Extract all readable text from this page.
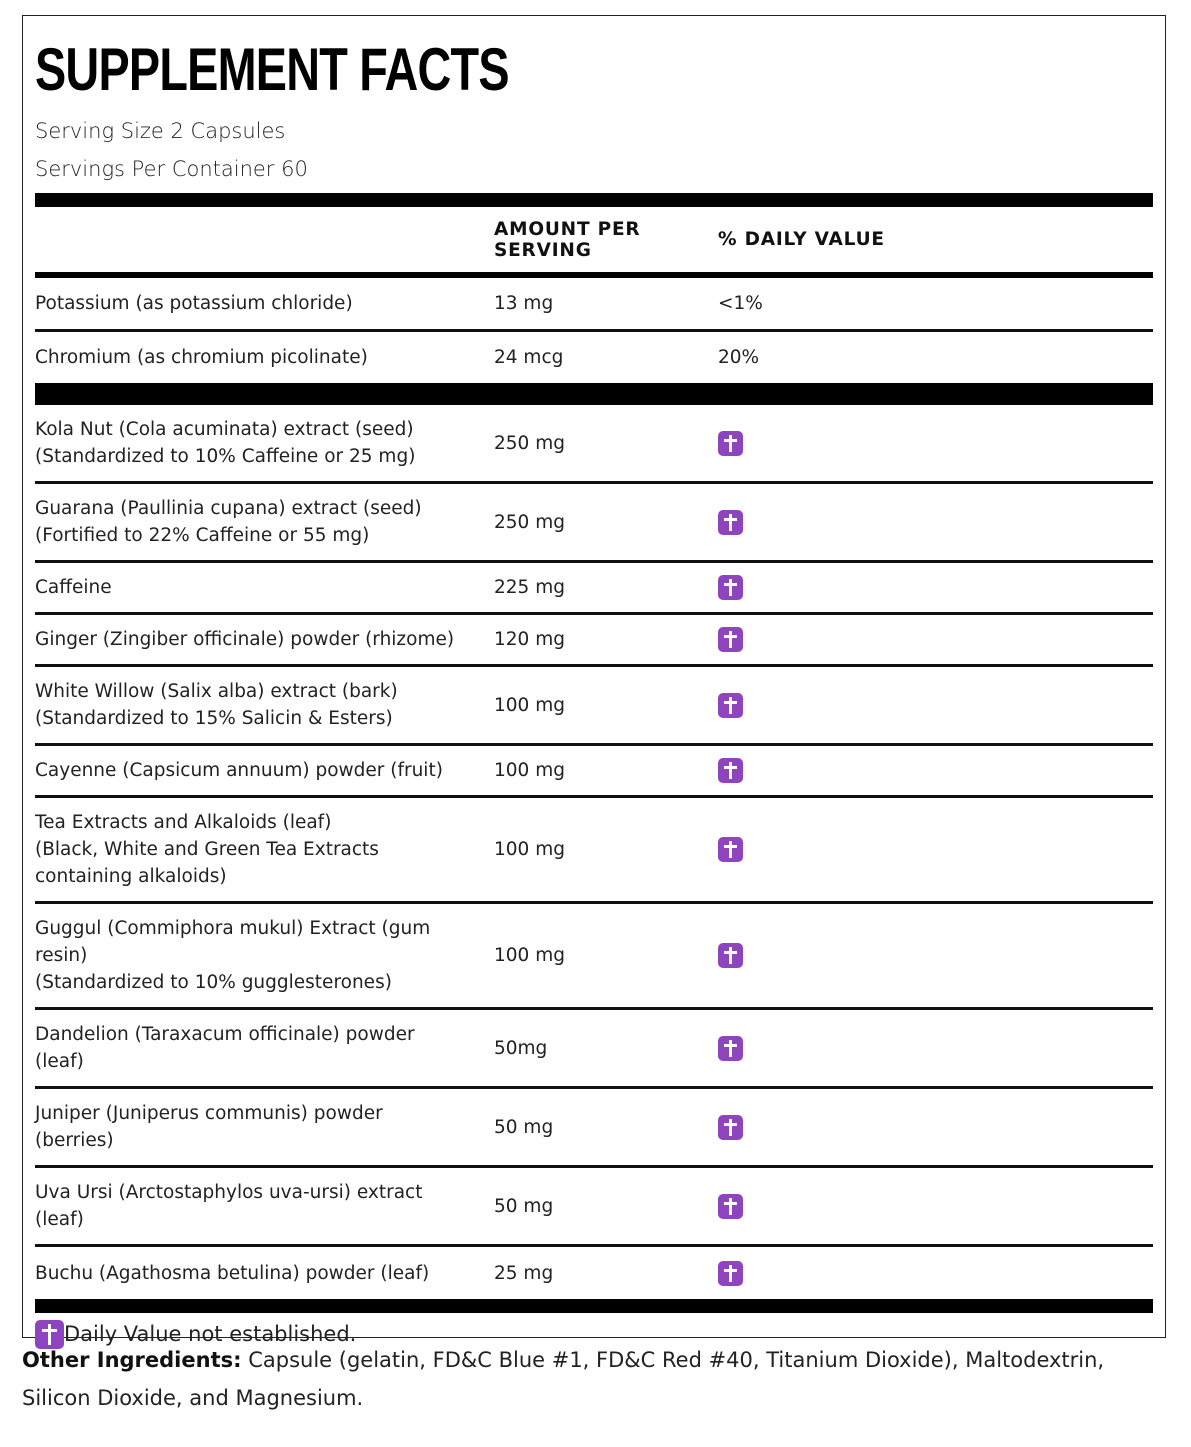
SUPPLEMENT FACTS
Serving Size 2 Capsules
Servings Per Container 60
AMOUNT PER SERVING	% DAILY VALUE
Potassium (as potassium chloride)	13 mg	<1%
Chromium (as chromium picolinate)	24 mcg	20%
Kola Nut (Cola acuminata) extract (seed)
(Standardized to 10% Caffeine or 25 mg)
250 mg
Guarana (Paullinia cupana) extract (seed)
(Fortified to 22% Caffeine or 55 mg)
250 mg
Caffeine	225 mg
Ginger (Zingiber officinale) powder (rhizome)	120 mg
White Willow (Salix alba) extract (bark)
(Standardized to 15% Salicin & Esters)
100 mg
Cayenne (Capsicum annuum) powder (fruit)	100 mg
Tea Extracts and Alkaloids (leaf)
(Black, White and Green Tea Extracts
containing alkaloids)
100 mg
Guggul (Commiphora mukul) Extract (gum
resin)
(Standardized to 10% gugglesterones)
100 mg
Dandelion (Taraxacum officinale) powder
(leaf)
50mg
Juniper (Juniperus communis) powder
(berries)
50 mg
Uva Ursi (Arctostaphylos uva-ursi) extract
(leaf)
50 mg
Buchu (Agathosma betulina) powder (leaf)	25 mg
Daily Value not established.
Other Ingredients: Capsule (gelatin, FD&C Blue #1, FD&C Red #40, Titanium Dioxide), Maltodextrin, Silicon Dioxide, and Magnesium.
